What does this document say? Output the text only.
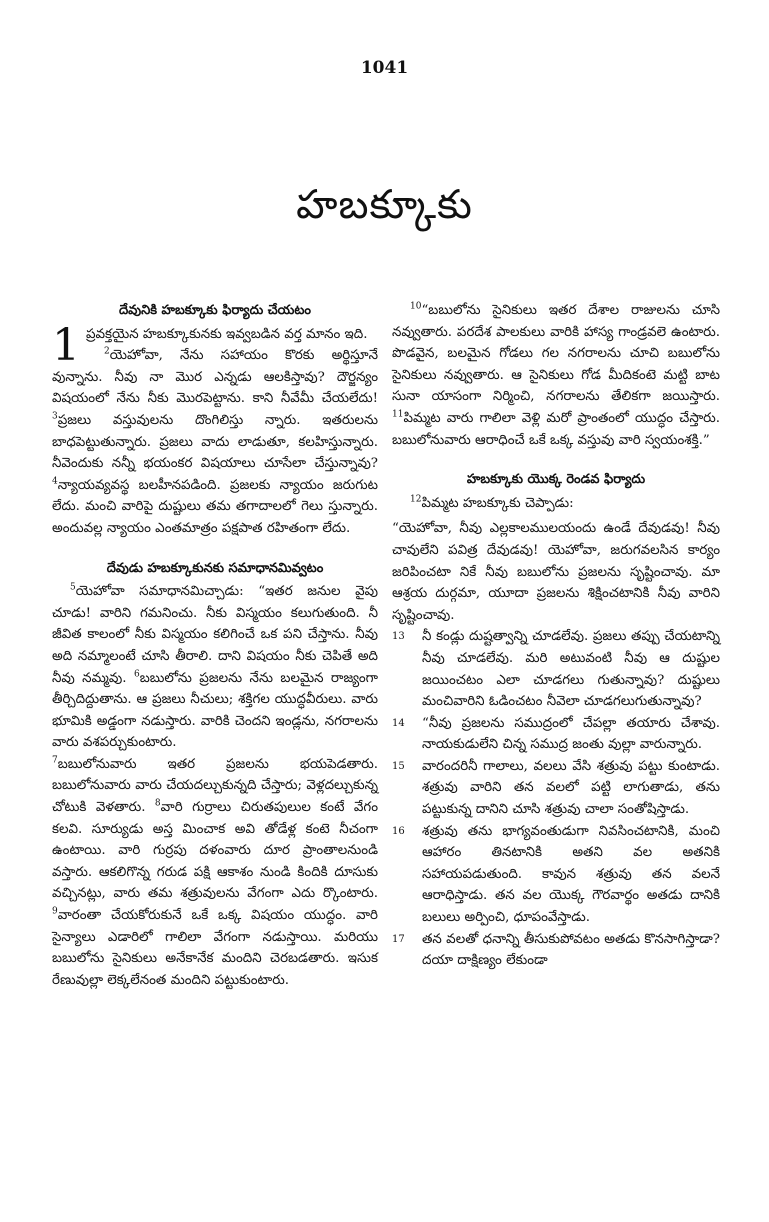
1041
హబక్కూకు
దేవునికి హబక్కూకు ఫిర్యాదు చేయటం

1 ప్రవక్తయైన హబక్కూకునకు ఇవ్వబడిన వర్త మానం ఇది.

$^2$యెహోవా, నేను సహాయం కొరకు అర్థిస్తూనే వున్నాను. నీవు నా మొర ఎన్నడు ఆలకిస్తావు? దౌర్జన్యం విషయంలో నేను నీకు మొరపెట్టాను. కాని నీవేమీ చేయలేదు! $^3$ప్రజలు వస్తువులను దొంగిలిస్తు న్నారు. ఇతరులను బాధపెట్టుతున్నారు. ప్రజలు వాదు లాడుతూ, కలహిస్తున్నారు. నీవెందుకు నన్నీ భయంకర విషయాలు చూసేలా చేస్తున్నావు? $^4$న్యాయవ్యవస్థ బలహీనపడింది. ప్రజలకు న్యాయం జరుగుట లేదు. మంచి వారిపై దుష్టులు తమ తగాదాలలో గెలు స్తున్నారు. అందువల్ల న్యాయం ఎంతమాత్రం పక్షపాత రహితంగా లేదు.

దేవుడు హబక్కూకునకు సమాధానమివ్వటం

$^5$యెహోవా సమాధానమిచ్చాడు: “ఇతర జనుల వైపు చూడు! వారిని గమనించు. నీకు విస్మయం కలుగుతుంది. నీ జీవిత కాలంలో నీకు విస్మయం కలిగించే ఒక పని చేస్తాను. నీవు అది నమ్మాలంటే చూసి తీరాలి. దాని విషయం నీకు చెపితే అది నీవు నమ్మవు. $^6$బబులోను ప్రజలను నేను బలమైన రాజ్యంగా తీర్చిదిద్దుతాను. ఆ ప్రజలు నీచులు; శక్తిగల యుద్ధవీరులు. వారు భూమికి అడ్డంగా నడుస్తారు. వారికి చెందని ఇండ్లను, నగరాలను వారు వశపర్చుకుంటారు.

$^7$బబులోనువారు ఇతర ప్రజలను భయపెడతారు. బబులోనువారు వారు చేయదల్చుకున్నది చేస్తారు; వెళ్లదల్చుకున్న చోటుకి వెళతారు. $^8$వారి గుర్రాలు చిరుతపులుల కంటే వేగం కలవి. సూర్యుడు అస్త మించాక అవి తోడేళ్ల కంటె నీచంగా ఉంటాయి. వారి గుర్రపు దళంవారు దూర ప్రాంతాలనుండి వస్తారు. ఆకలిగొన్న గరుడ పక్షి ఆకాశం నుండి కిందికి దూసుకు వచ్చినట్లు, వారు తమ శత్రువులను వేగంగా ఎదు ర్కొంటారు. $^9$వారంతా చేయకోరుకునే ఒకే ఒక్క విషయం యుద్ధం. వారి సైన్యాలు ఎడారిలో గాలిలా వేగంగా నడుస్తాయి. మరియు బబులోను సైనికులు అనేకానేక మందిని చెరబడతారు. ఇసుక రేణువుల్లా లెక్కలేనంత మందిని పట్టుకుంటారు.

$^{10}$“బబులోను సైనికులు ఇతర దేశాల రాజులను చూసి నవ్వుతారు. పరదేశ పాలకులు వారికి హాస్య గాండ్రవలె ఉంటారు. పొడవైన, బలమైన గోడలు గల నగరాలను చూచి బబులోను సైనికులు నవ్వుతారు. ఆ సైనికులు గోడ మీదికంటె మట్టి బాట సునా యాసంగా నిర్మించి, నగరాలను తేలికగా జయిస్తారు. $^{11}$పిమ్మట వారు గాలిలా వెళ్లి మరో ప్రాంతంలో యుద్ధం చేస్తారు. బబులోనువారు ఆరాధించే ఒకే ఒక్క వస్తువు వారి స్వయంశక్తి.”

హబక్కూకు యొక్క రెండవ ఫిర్యాదు

$^{12}$పిమ్మట హబక్కూకు చెప్పాడు:

“యెహోవా, నీవు ఎల్లకాలములయందు ఉండే దేవుడవు! నీవు చావులేని పవిత్ర దేవుడవు! యెహోవా, జరుగవలసిన కార్యం జరిపించటా నికే నీవు బబులోను ప్రజలను సృష్టించావు. మా ఆశ్రయ దుర్గమా, యూదా ప్రజలను శిక్షించటానికి నీవు వారిని సృష్టించావు.

13 నీ కండ్లు దుష్టత్వాన్ని చూడలేవు. ప్రజలు తప్పు చేయటాన్ని నీవు చూడలేవు. మరి అటువంటి నీవు ఆ దుష్టుల జయించటం ఎలా చూడగలు గుతున్నావు? దుష్టులు మంచివారిని ఓడించటం నీవెలా చూడగలుగుతున్నావు?

14 “నీవు ప్రజలను సముద్రంలో చేపల్లా తయారు చేశావు. నాయకుడులేని చిన్న సముద్ర జంతు వుల్లా వారున్నారు.

15 వారందరినీ గాలాలు, వలలు వేసి శత్రువు పట్టు కుంటాడు. శత్రువు వారిని తన వలలో పట్టి లాగుతాడు, తను పట్టుకున్న దానిని చూసి శత్రువు చాలా సంతోషిస్తాడు.

16 శత్రువు తను భాగ్యవంతుడుగా నివసించటానికి, మంచి ఆహారం తినటానికి అతని వల అతనికి సహాయపడుతుంది. కావున శత్రువు తన వలనే ఆరాధిస్తాడు. తన వల యొక్క గౌరవార్థం అతడు దానికి బలులు అర్పించి, ధూపంవేస్తాడు.

17 తన వలతో ధనాన్ని తీసుకుపోవటం అతడు కొనసాగిస్తాడా? దయా దాక్షిణ్యం లేకుండా
